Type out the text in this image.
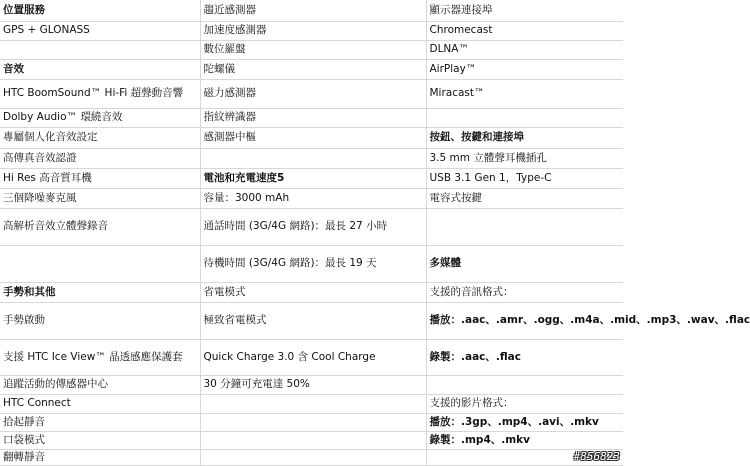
位置服務	趨近感測器	顯示器連接埠
GPS + GLONASS	加速度感測器	Chromecast
	數位羅盤	DLNA™
音效	陀螺儀	AirPlay™
HTC BoomSound™ Hi-Fi 超聲動音響	磁力感測器	Miracast™
Dolby Audio™ 環繞音效	指紋辨識器	
專屬個人化音效設定	感測器中樞	按鈕、按鍵和連接埠
高傳真音效認證		3.5 mm 立體聲耳機插孔
Hi Res 高音質耳機	電池和充電速度5	USB 3.1 Gen 1，Type-C
三個降噪麥克風	容量：3000 mAh	電容式按鍵
高解析音效立體聲錄音	通話時間 (3G/4G 網路)：最長 27 小時	
	待機時間 (3G/4G 網路)：最長 19 天	多媒體
手勢和其他	省電模式	支援的音訊格式：
手勢啟動	極致省電模式	播放：.aac、.amr、.ogg、.m4a、.mid、.mp3、.wav、.flac
支援 HTC Ice View™ 晶透感應保護套	Quick Charge 3.0 含 Cool Charge	錄製：.aac、.flac
追蹤活動的傳感器中心	30 分鐘可充電達 50%	
HTC Connect		支援的影片格式：
拾起靜音		播放：.3gp、.mp4、.avi、.mkv
口袋模式		錄製：.mp4、.mkv
翻轉靜音			#856823
